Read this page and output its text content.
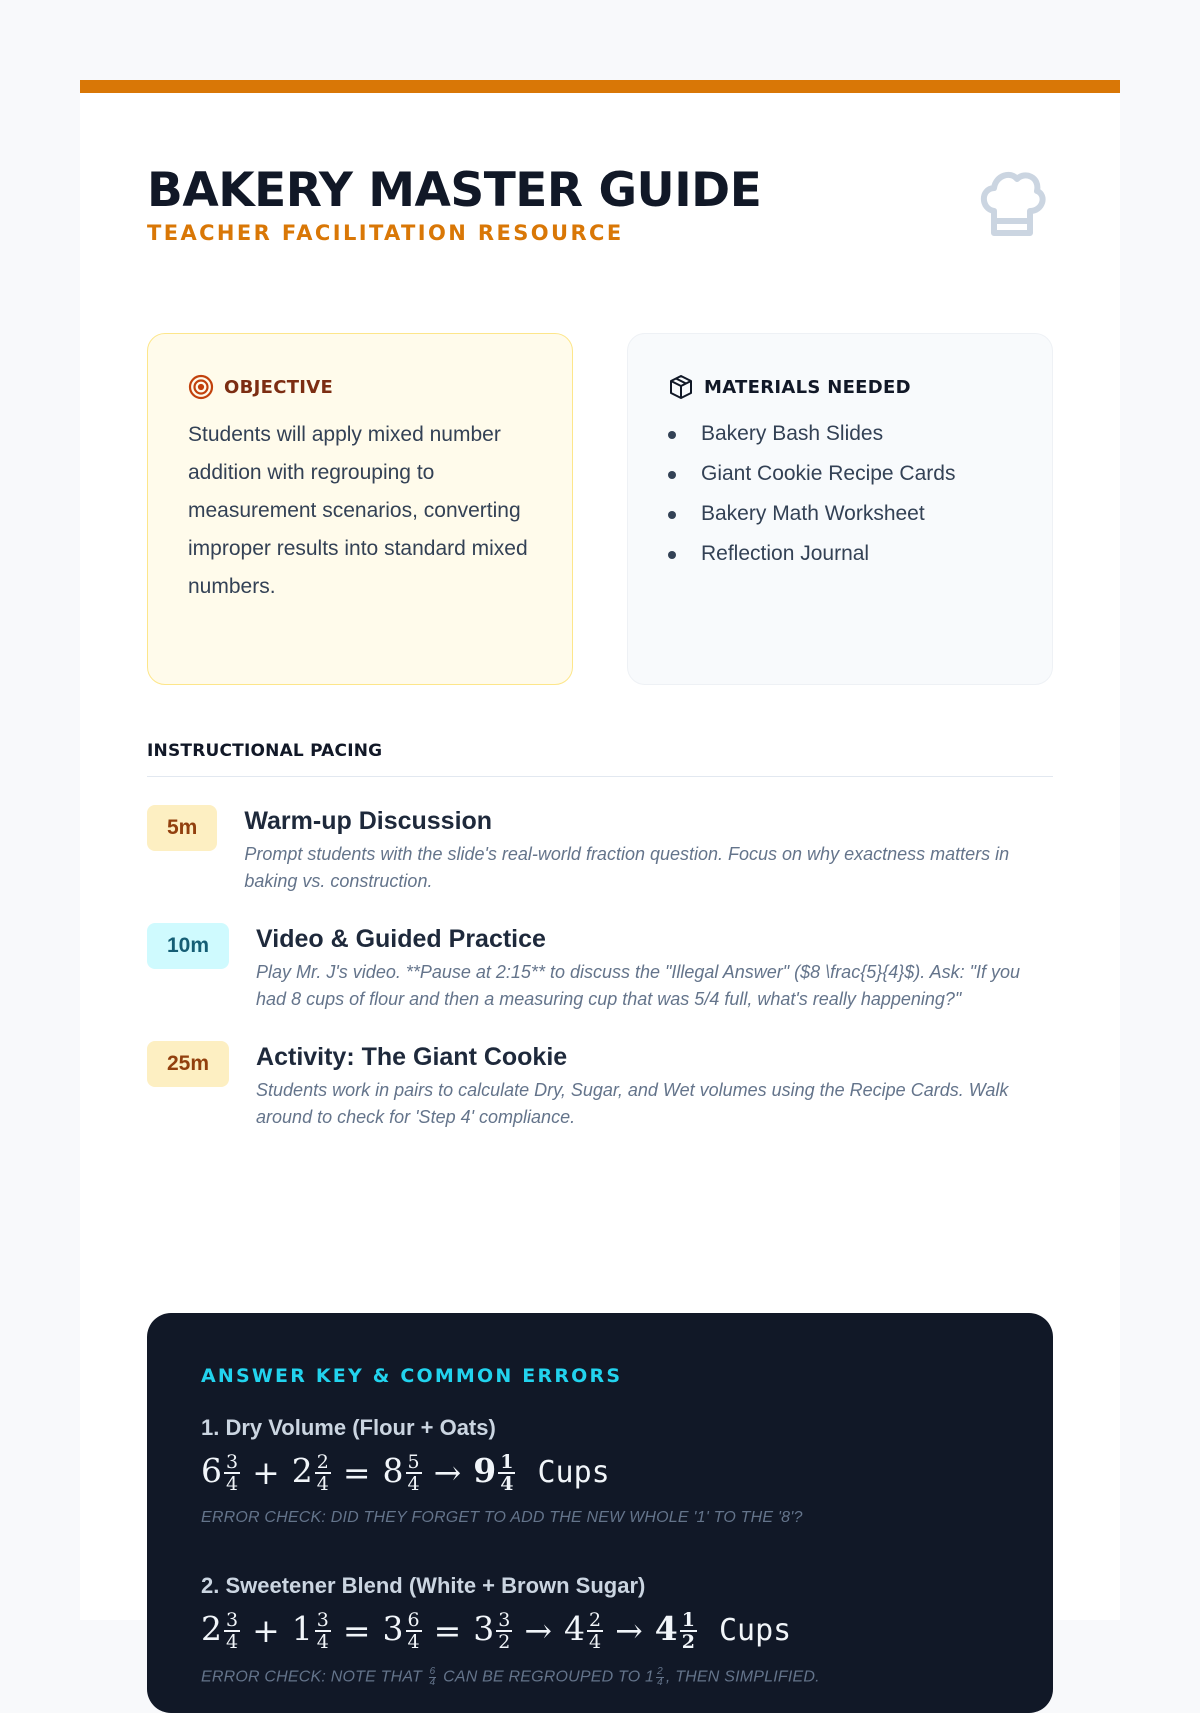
BAKERY MASTER GUIDE
TEACHER FACILITATION RESOURCE
OBJECTIVE

Students will apply mixed number addition with regrouping to measurement scenarios, converting improper results into standard mixed numbers.

MATERIALS NEEDED
Bakery Bash Slides
Giant Cookie Recipe Cards
Bakery Math Worksheet
Reflection Journal
INSTRUCTIONAL PACING
5m	Warm-up Discussion
Prompt students with the slide's real-world fraction question. Focus on why exactness matters in baking vs. construction.
10m	Video & Guided Practice
Play Mr. J's video. **Pause at 2:15** to discuss the "Illegal Answer" ($8 \frac{5}{4}$). Ask: "If you had 8 cups of flour and then a measuring cup that was 5/4 full, what's really happening?"
25m	Activity: The Giant Cookie
Students work in pairs to calculate Dry, Sugar, and Wet volumes using the Recipe Cards. Walk around to check for 'Step 4' compliance.
ANSWER KEY & COMMON ERRORS
1. Dry Volume (Flour + Oats)
$6 \frac{3}{4} + 2 \frac{2}{4} = 8 \frac{5}{4} \to 9 \frac{1}{4}$ Cups
ERROR CHECK: DID THEY FORGET TO ADD THE NEW WHOLE '1' TO THE '8'?
2. Sweetener Blend (White + Brown Sugar)
$2 \frac{3}{4} + 1 \frac{3}{4} = 3 \frac{6}{4} = 3 \frac{3}{2} \to 4 \frac{2}{4} \to 4 \frac{1}{2}$ Cups
ERROR CHECK: NOTE THAT $\frac{6}{4}$ CAN BE REGROUPED TO $1 \frac{2}{4}$ , THEN SIMPLIFIED.
